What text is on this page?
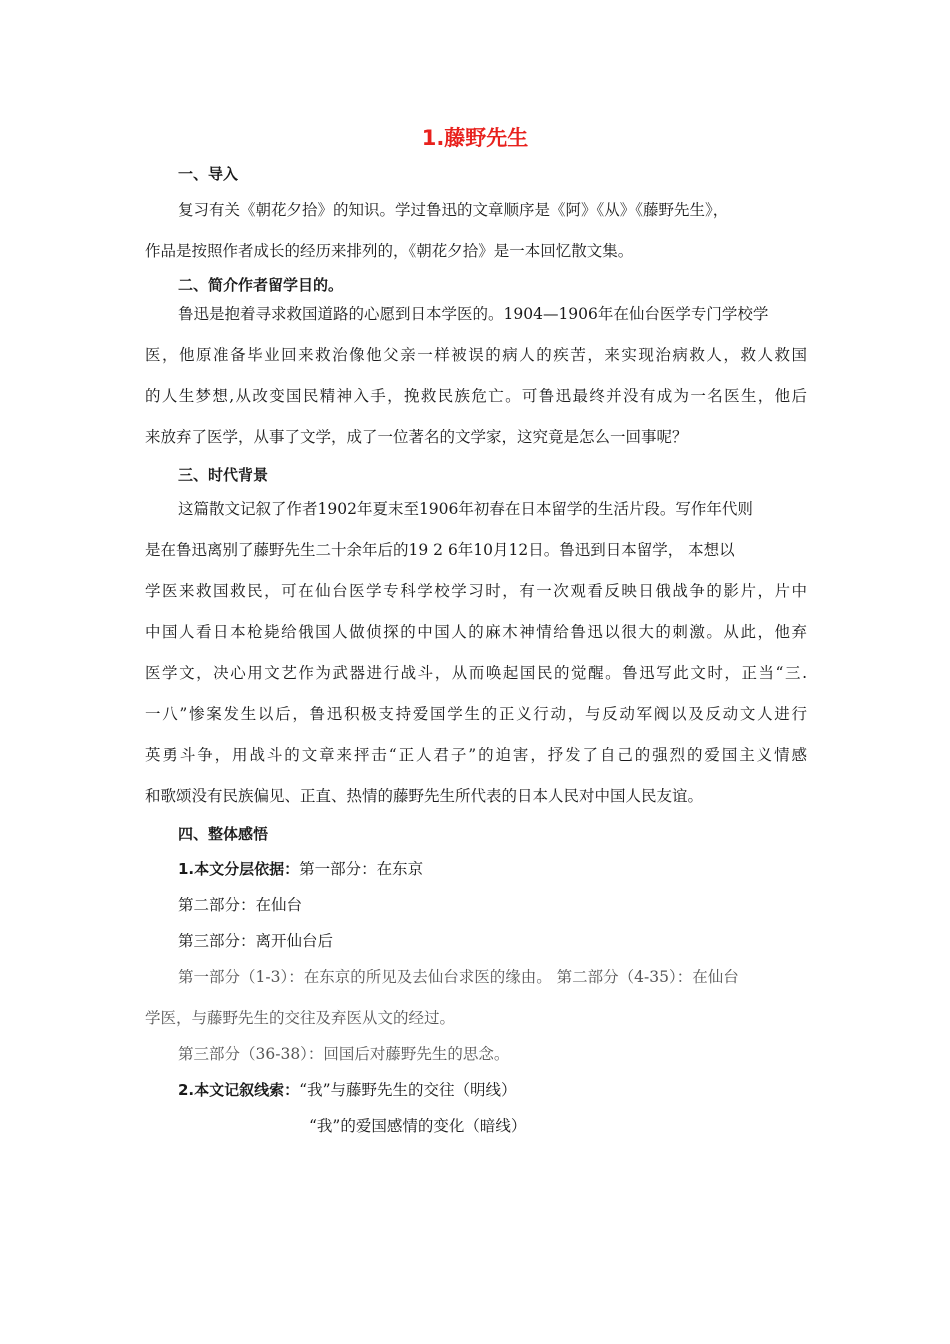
1.藤野先生
一、导入
复习有关《朝花夕拾》的知识。学过鲁迅的文章顺序是《阿》《从》《藤野先生》，
作品是按照作者成长的经历来排列的，《朝花夕拾》是一本回忆散文集。
二、简介作者留学目的。
鲁迅是抱着寻求救国道路的心愿到日本学医的。1904—1906年在仙台医学专门学校学
医，他原准备毕业回来救治像他父亲一样被误的病人的疾苦，来实现治病救人，救人救国
的人生梦想,从改变国民精神入手，挽救民族危亡。可鲁迅最终并没有成为一名医生，他后
来放弃了医学，从事了文学，成了一位著名的文学家，这究竟是怎么一回事呢？
三、时代背景
这篇散文记叙了作者1902年夏末至1906年初春在日本留学的生活片段。写作年代则
是在鲁迅离别了藤野先生二十余年后的19 2 6年10月12日。鲁迅到日本留学， 本想以
学医来救国救民，可在仙台医学专科学校学习时，有一次观看反映日俄战争的影片，片中
中国人看日本枪毙给俄国人做侦探的中国人的麻木神情给鲁迅以很大的刺激。从此，他弃
医学文，决心用文艺作为武器进行战斗，从而唤起国民的觉醒。鲁迅写此文时，正当“三.
一八”惨案发生以后，鲁迅积极支持爱国学生的正义行动，与反动军阀以及反动文人进行
英勇斗争，用战斗的文章来抨击“正人君子”的迫害，抒发了自己的强烈的爱国主义情感
和歌颂没有民族偏见、正直、热情的藤野先生所代表的日本人民对中国人民友谊。
四、整体感悟
1.本文分层依据：第一部分：在东京
第二部分：在仙台
第三部分：离开仙台后
第一部分（1-3）：在东京的所见及去仙台求医的缘由。 第二部分（4-35）：在仙台
学医，与藤野先生的交往及弃医从文的经过。
第三部分（36-38）：回国后对藤野先生的思念。
2.本文记叙线索：“我”与藤野先生的交往（明线）
“我”的爱国感情的变化（暗线）
